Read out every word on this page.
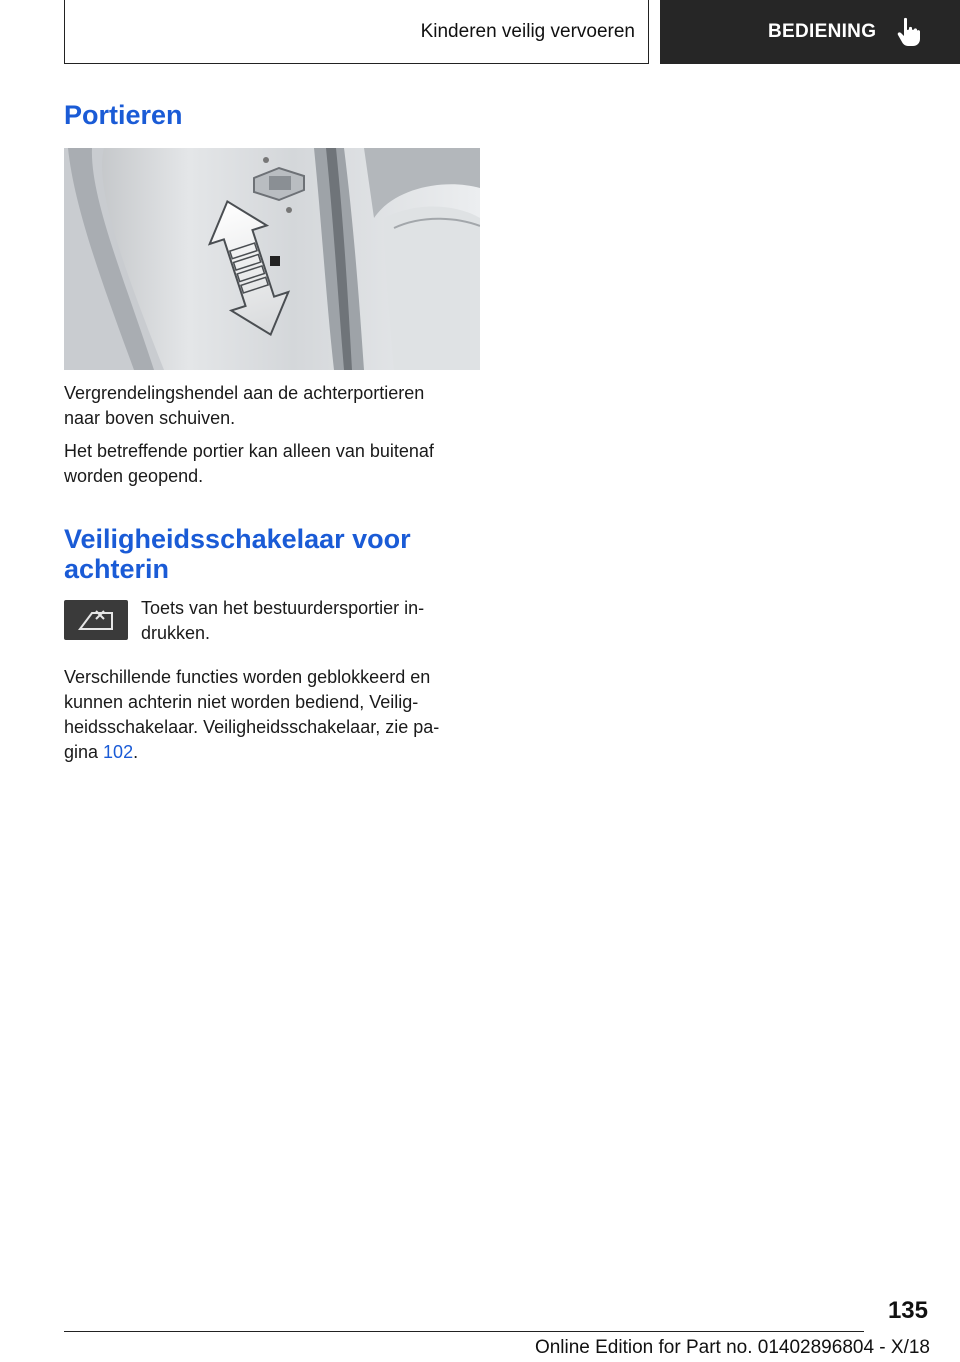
Kinderen veilig vervoeren	BEDIENING
Portieren

Vergrendelingshendel aan de achterportieren naar boven schuiven.

Het betreffende portier kan alleen van buitenaf worden geopend.

Veiligheidsschakelaar voor achterin

Toets van het bestuurdersportier in drukken.

Verschillende functies worden geblokkeerd en kunnen achterin niet worden bediend, Veilig heidsschakelaar. Veiligheidsschakelaar, zie pa gina 102.

135
Online Edition for Part no. 01402896804 - X/18
